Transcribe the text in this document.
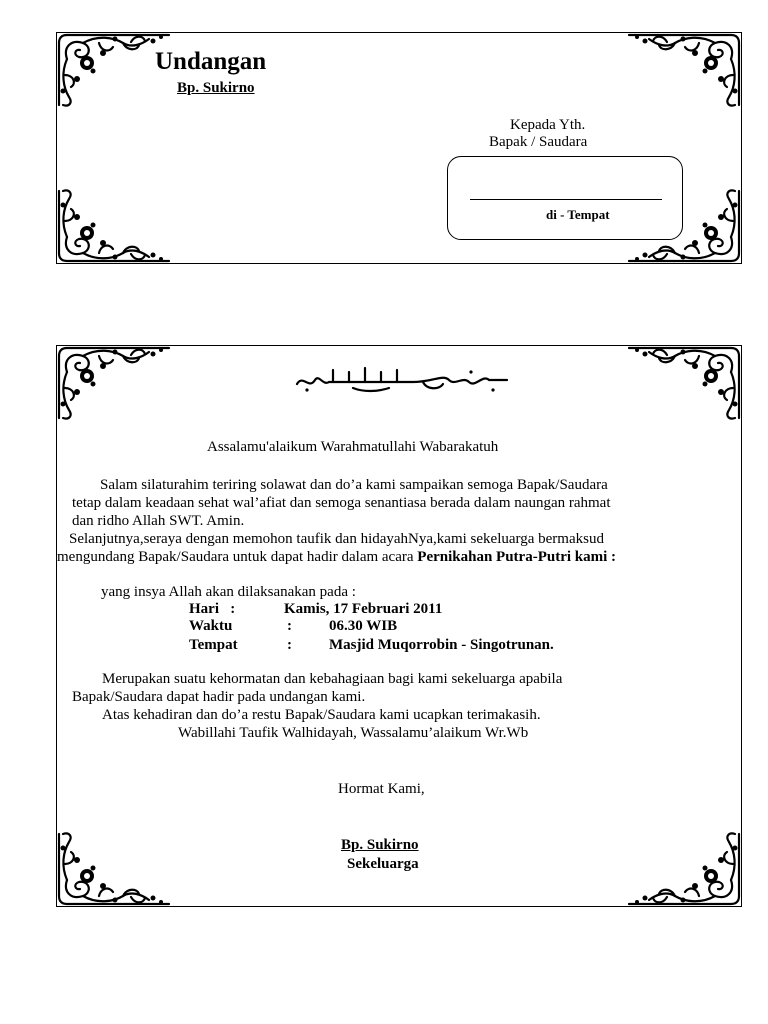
Undangan
Bp. Sukirno
Kepada Yth.
Bapak / Saudara
di - Tempat
Assalamu'alaikum Warahmatullahi Wabarakatuh
Salam silaturahim teriring solawat dan do’a kami sampaikan semoga Bapak/Saudara
tetap dalam keadaan sehat wal’afiat dan semoga senantiasa berada dalam naungan rahmat
dan ridho Allah SWT. Amin.
Selanjutnya,seraya dengan memohon taufik dan hidayahNya,kami sekeluarga bermaksud
mengundang Bapak/Saudara untuk dapat hadir dalam acara Pernikahan Putra-Putri kami :
yang insya Allah akan dilaksanakan pada :
Hari   :	Kamis, 17 Februari 2011
Waktu	: 06.30 WIB
Tempat	: Masjid Muqorrobin - Singotrunan.
Merupakan suatu kehormatan dan kebahagiaan bagi kami sekeluarga apabila
Bapak/Saudara dapat hadir pada undangan kami.
Atas kehadiran dan do’a restu Bapak/Saudara kami ucapkan terimakasih.
Wabillahi Taufik Walhidayah, Wassalamu’alaikum Wr.Wb
Hormat Kami,
Bp. Sukirno
Sekeluarga
